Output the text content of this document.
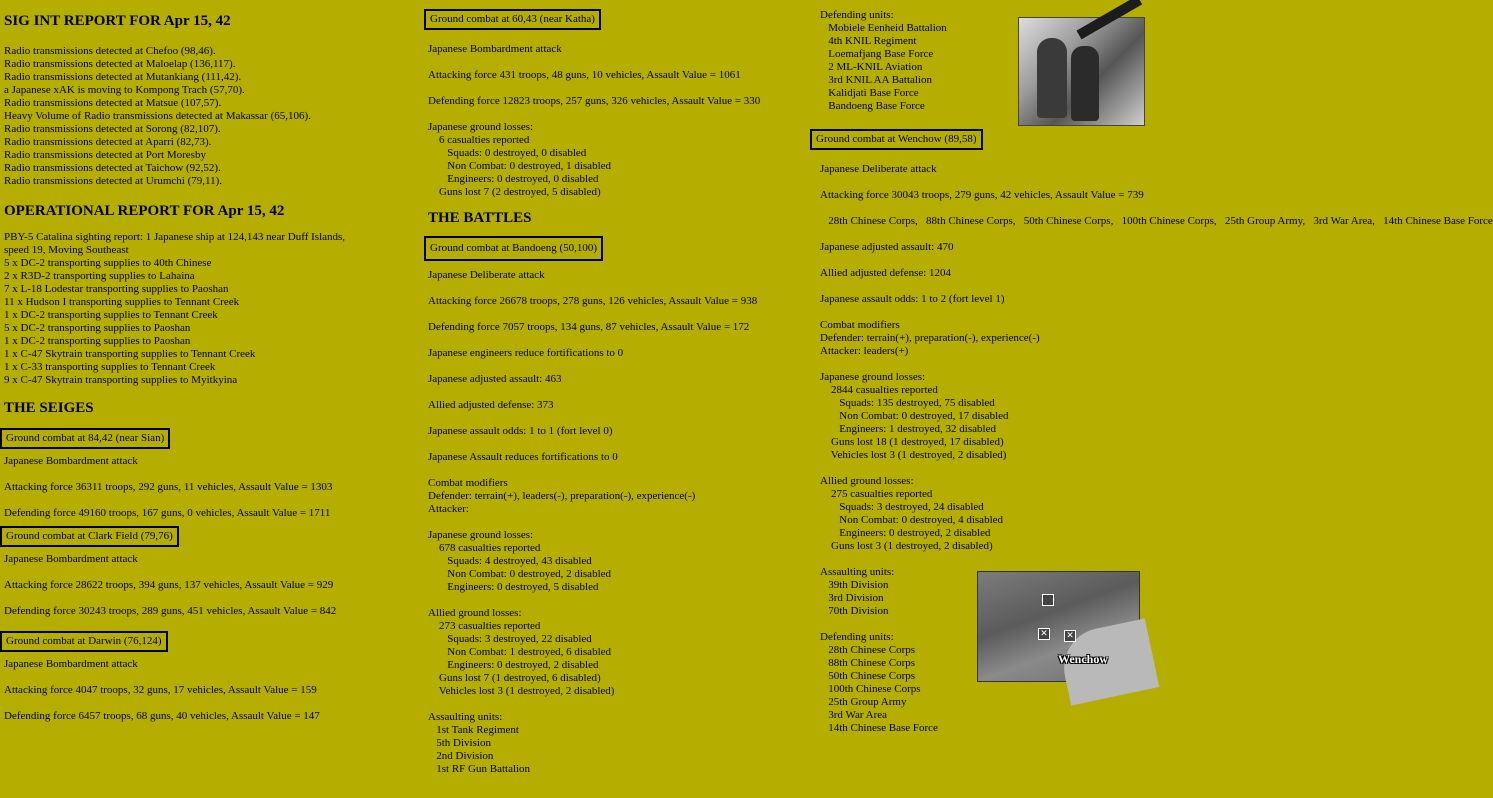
SIG INT REPORT FOR Apr 15, 42
Radio transmissions detected at Chefoo (98,46).
Radio transmissions detected at Maloelap (136,117).
Radio transmissions detected at Mutankiang (111,42).
a Japanese xAK is moving to Kompong Trach (57,70).
Radio transmissions detected at Matsue (107,57).
Heavy Volume of Radio transmissions detected at Makassar (65,106).
Radio transmissions detected at Sorong (82,107).
Radio transmissions detected at Aparri (82,73).
Radio transmissions detected at Port Moresby
Radio transmissions detected at Taichow (92,52).
Radio transmissions detected at Urumchi (79,11).
OPERATIONAL REPORT FOR Apr 15, 42
PBY-5 Catalina sighting report: 1 Japanese ship at 124,143 near Duff Islands,
speed 19, Moving Southeast
5 x DC-2 transporting supplies to 40th Chinese
2 x R3D-2 transporting supplies to Lahaina
7 x L-18 Lodestar transporting supplies to Paoshan
11 x Hudson I transporting supplies to Tennant Creek
1 x DC-2 transporting supplies to Tennant Creek
5 x DC-2 transporting supplies to Paoshan
1 x DC-2 transporting supplies to Paoshan
1 x C-47 Skytrain transporting supplies to Tennant Creek
1 x C-33 transporting supplies to Tennant Creek
9 x C-47 Skytrain transporting supplies to Myitkyina
THE SEIGES
Ground combat at 84,42 (near Sian)
Japanese Bombardment attack
Attacking force 36311 troops, 292 guns, 11 vehicles, Assault Value = 1303
Defending force 49160 troops, 167 guns, 0 vehicles, Assault Value = 1711
Ground combat at Clark Field (79,76)
Japanese Bombardment attack
Attacking force 28622 troops, 394 guns, 137 vehicles, Assault Value = 929
Defending force 30243 troops, 289 guns, 451 vehicles, Assault Value = 842
Ground combat at Darwin (76,124)
Japanese Bombardment attack
Attacking force 4047 troops, 32 guns, 17 vehicles, Assault Value = 159
Defending force 6457 troops, 68 guns, 40 vehicles, Assault Value = 147
Ground combat at 60,43 (near Katha)
Japanese Bombardment attack
Attacking force 431 troops, 48 guns, 10 vehicles, Assault Value = 1061
Defending force 12823 troops, 257 guns, 326 vehicles, Assault Value = 330
Japanese ground losses:
6 casualties reported
Squads: 0 destroyed, 0 disabled
Non Combat: 0 destroyed, 1 disabled
Engineers: 0 destroyed, 0 disabled
Guns lost 7 (2 destroyed, 5 disabled)
THE BATTLES
Ground combat at Bandoeng (50,100)
Japanese Deliberate attack
Attacking force 26678 troops, 278 guns, 126 vehicles, Assault Value = 938
Defending force 7057 troops, 134 guns, 87 vehicles, Assault Value = 172
Japanese engineers reduce fortifications to 0
Japanese adjusted assault: 463
Allied adjusted defense: 373
Japanese assault odds: 1 to 1 (fort level 0)
Japanese Assault reduces fortifications to 0
Combat modifiers
Defender: terrain(+), leaders(-), preparation(-), experience(-)
Attacker:
Japanese ground losses:
678 casualties reported
Squads: 4 destroyed, 43 disabled
Non Combat: 0 destroyed, 2 disabled
Engineers: 0 destroyed, 5 disabled
Allied ground losses:
273 casualties reported
Squads: 3 destroyed, 22 disabled
Non Combat: 1 destroyed, 6 disabled
Engineers: 0 destroyed, 2 disabled
Guns lost 7 (1 destroyed, 6 disabled)
Vehicles lost 3 (1 destroyed, 2 disabled)
Assaulting units:
1st Tank Regiment
5th Division
2nd Division
1st RF Gun Battalion
Defending units:
Mobiele Eenheid Battalion
4th KNIL Regiment
Loemafjang Base Force
2 ML-KNIL Aviation
3rd KNIL AA Battalion
Kalidjati Base Force
Bandoeng Base Force
Ground combat at Wenchow (89,58)
Japanese Deliberate attack
Attacking force 30043 troops, 279 guns, 42 vehicles, Assault Value = 739
28th Chinese Corps,   88th Chinese Corps,   50th Chinese Corps,   100th Chinese Corps,   25th Group Army,   3rd War Area,   14th Chinese Base Force
Japanese adjusted assault: 470
Allied adjusted defense: 1204
Japanese assault odds: 1 to 2 (fort level 1)
Combat modifiers
Defender: terrain(+), preparation(-), experience(-)
Attacker: leaders(+)
Japanese ground losses:
2844 casualties reported
Squads: 135 destroyed, 75 disabled
Non Combat: 0 destroyed, 17 disabled
Engineers: 1 destroyed, 32 disabled
Guns lost 18 (1 destroyed, 17 disabled)
Vehicles lost 3 (1 destroyed, 2 disabled)
Allied ground losses:
275 casualties reported
Squads: 3 destroyed, 24 disabled
Non Combat: 0 destroyed, 4 disabled
Engineers: 0 destroyed, 2 disabled
Guns lost 3 (1 destroyed, 2 disabled)
Assaulting units:
39th Division
3rd Division
70th Division
Defending units:
28th Chinese Corps
88th Chinese Corps
50th Chinese Corps
100th Chinese Corps
25th Group Army
3rd War Area
14th Chinese Base Force
✕ ✕
Wenchow
